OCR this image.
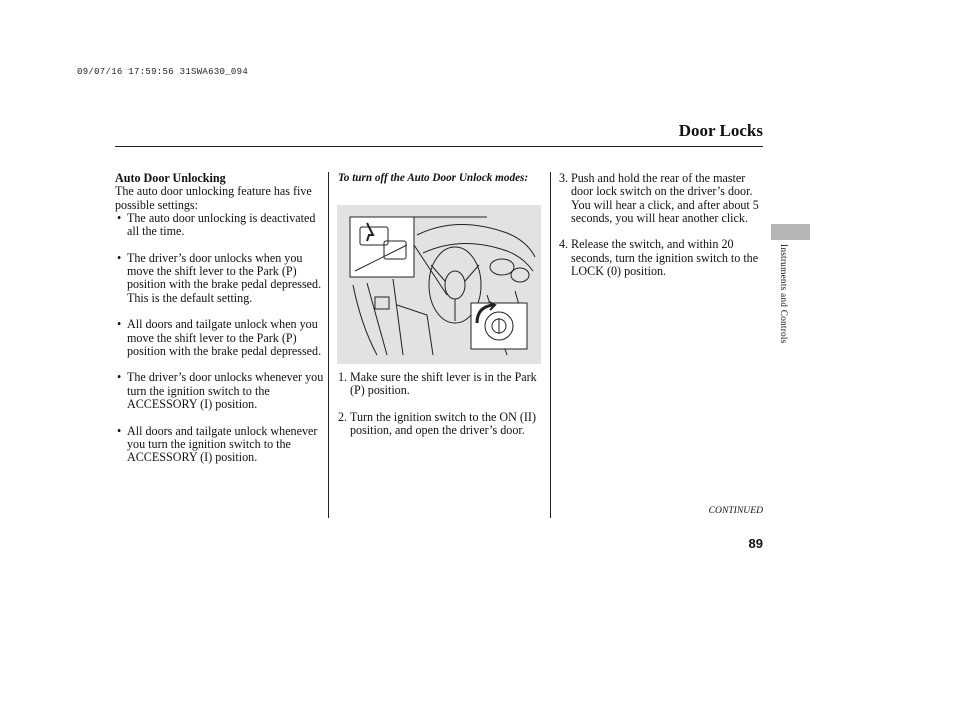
09/07/16 17:59:56 31SWA630_094
Door Locks

Auto Door Unlocking

The auto door unlocking feature has five possible settings:

• The auto door unlocking is deactivated all the time.
• The driver’s door unlocks when you move the shift lever to the Park (P) position with the brake pedal depressed.
This is the default setting.
• All doors and tailgate unlock when you move the shift lever to the Park (P) position with the brake pedal depressed.
• The driver’s door unlocks whenever you turn the ignition switch to the ACCESSORY (I) position.
• All doors and tailgate unlock whenever you turn the ignition switch to the ACCESSORY (I) position.

To turn off the Auto Door Unlock modes:

1. Make sure the shift lever is in the Park (P) position.
2. Turn the ignition switch to the ON (II) position, and open the driver’s door.
3. Push and hold the rear of the master door lock switch on the driver’s door. You will hear a click, and after about 5 seconds, you will hear another click.
4. Release the switch, and within 20 seconds, turn the ignition switch to the LOCK (0) position.	Instruments and Controls
CONTINUED
89
